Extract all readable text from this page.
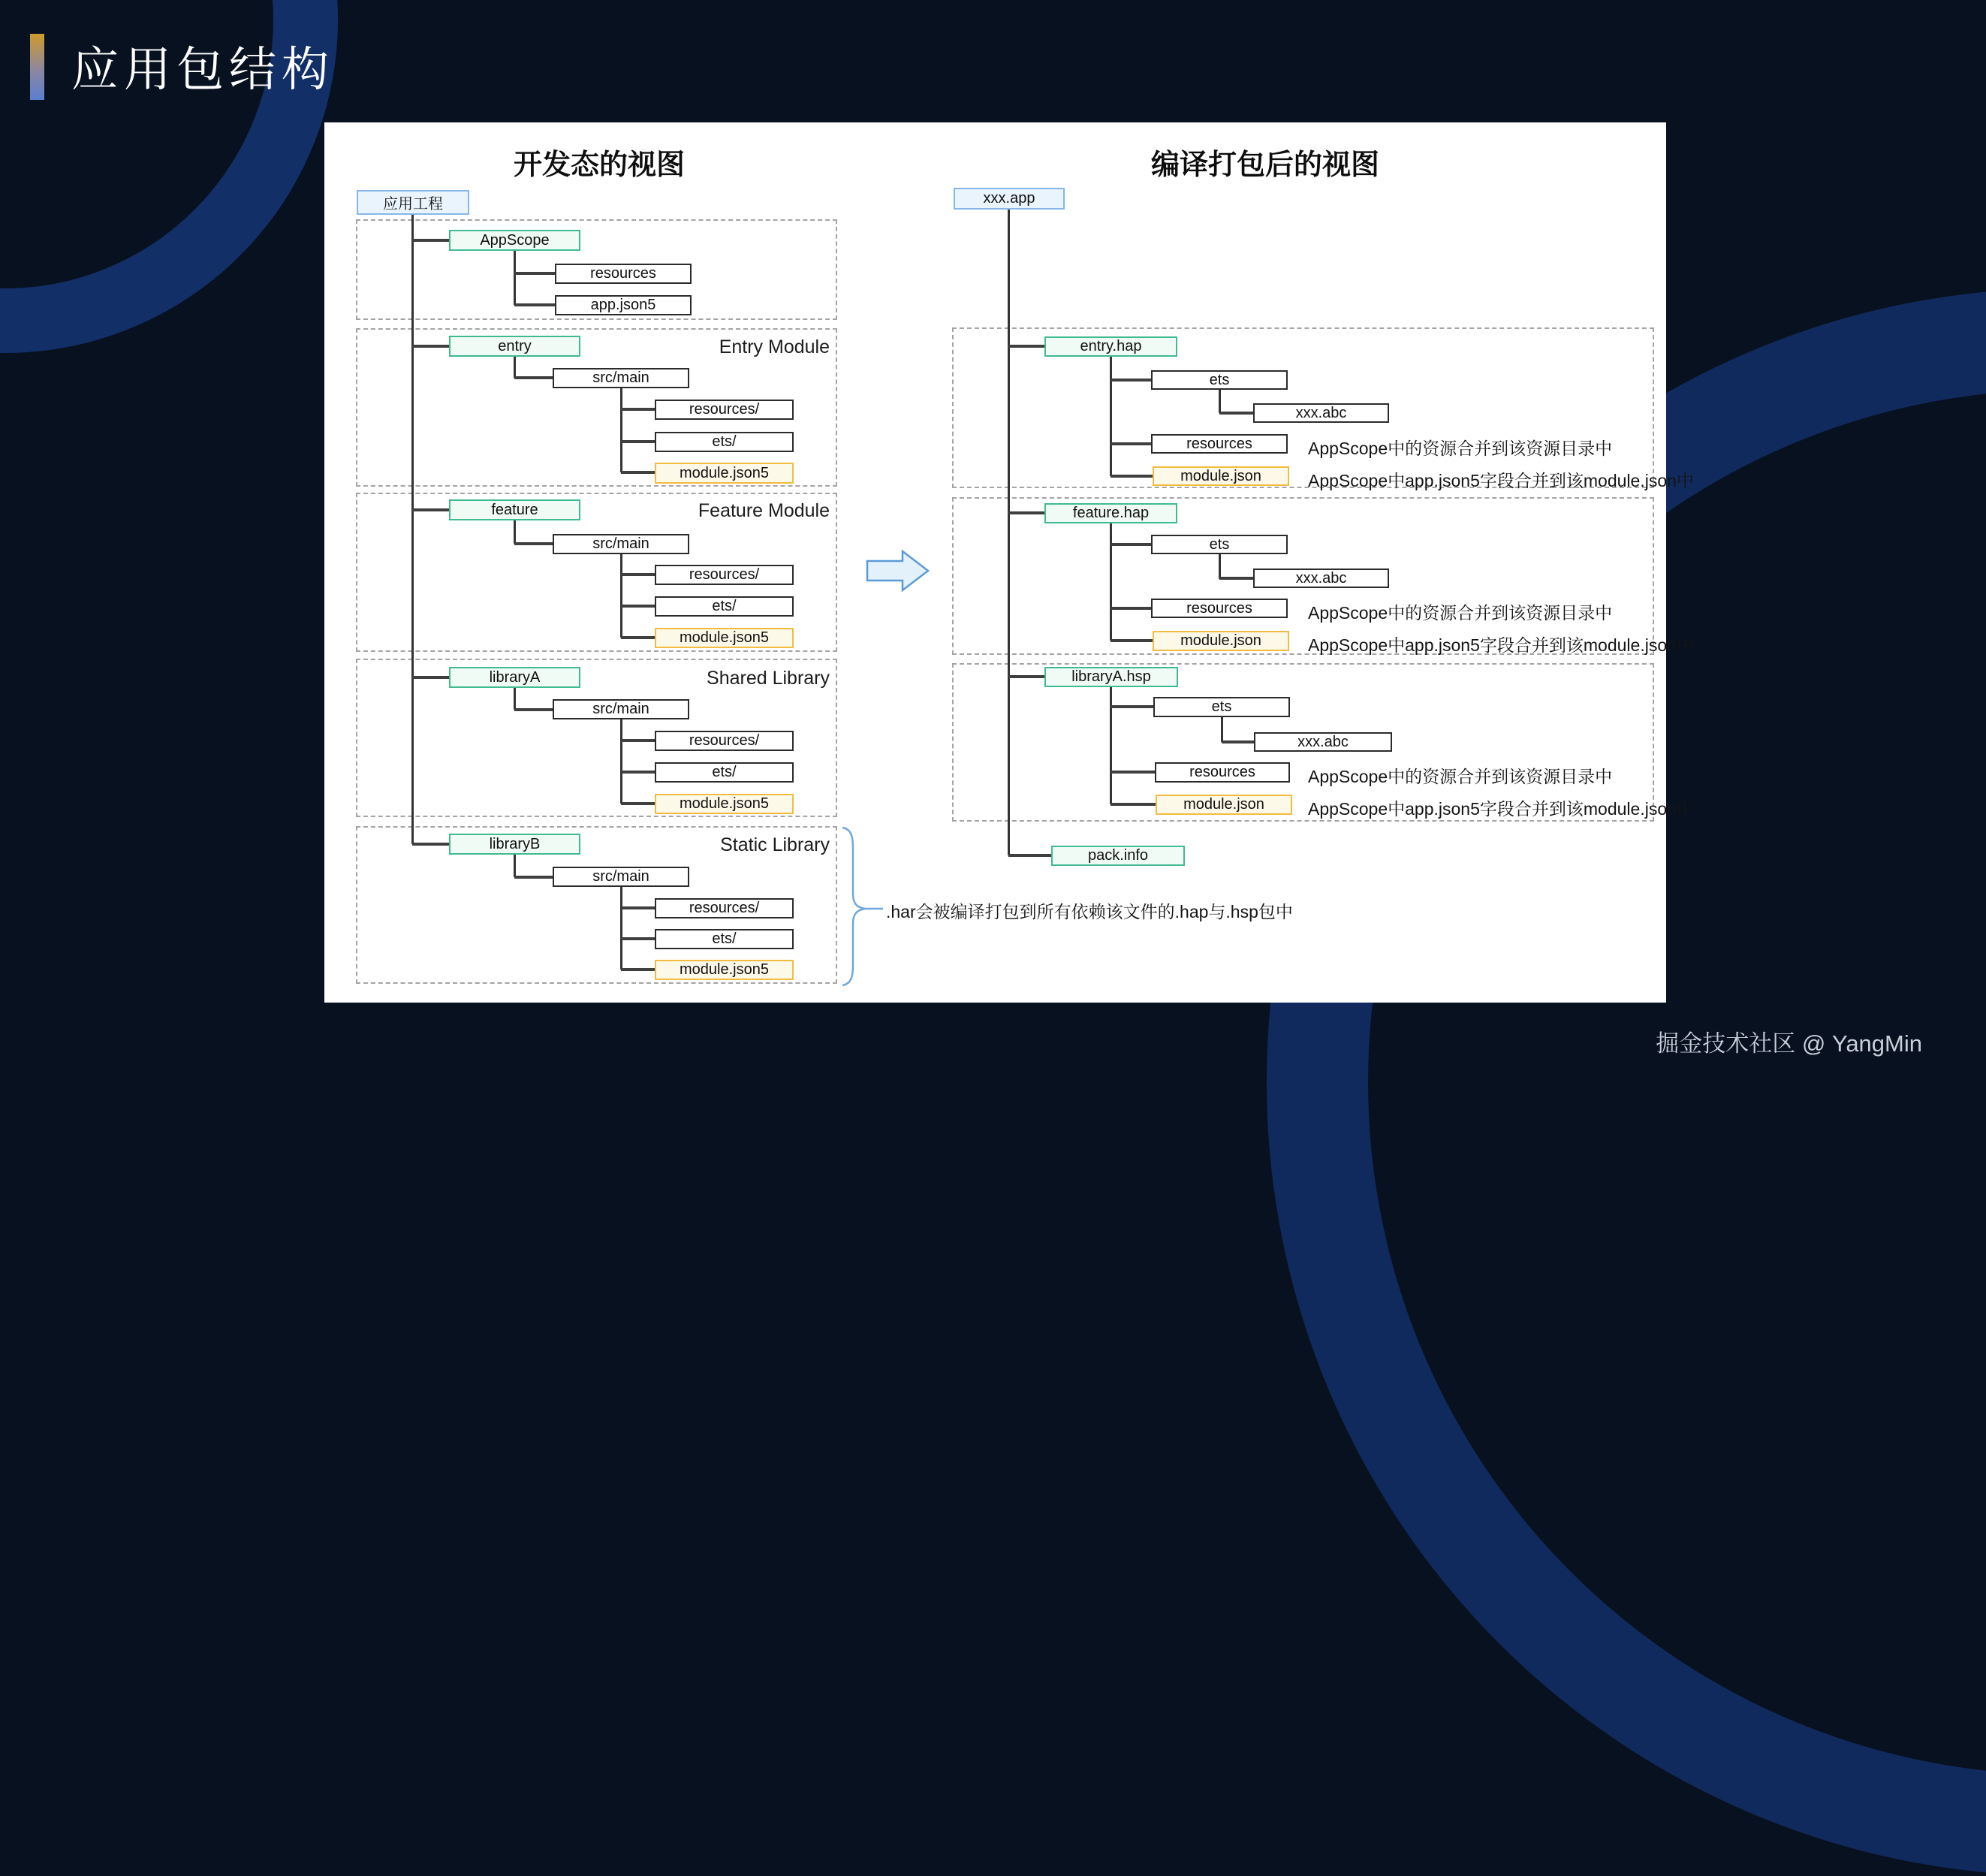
应用包结构
开发态的视图	编译打包后的视图
应用工程
AppScope
resources
app.json5
entry
src/main
resources/
ets/
module.json5
feature
src/main
resources/
ets/
module.json5
libraryA
src/main
resources/
ets/
module.json5
libraryB
src/main
resources/
ets/
module.json5
xxx.app
entry.hap
ets
xxx.abc
resources
module.json
feature.hap
ets
xxx.abc
resources
module.json
libraryA.hsp
ets
xxx.abc
resources
module.json
pack.info
Entry Module
Feature Module
Shared Library
Static Library
AppScope中的资源合并到该资源目录中
AppScope中app.json5字段合并到该module.json中
AppScope中的资源合并到该资源目录中
AppScope中app.json5字段合并到该module.json中
AppScope中的资源合并到该资源目录中
AppScope中app.json5字段合并到该module.json中
.har会被编译打包到所有依赖该文件的.hap与.hsp包中
掘金技术社区 @ YangMin
